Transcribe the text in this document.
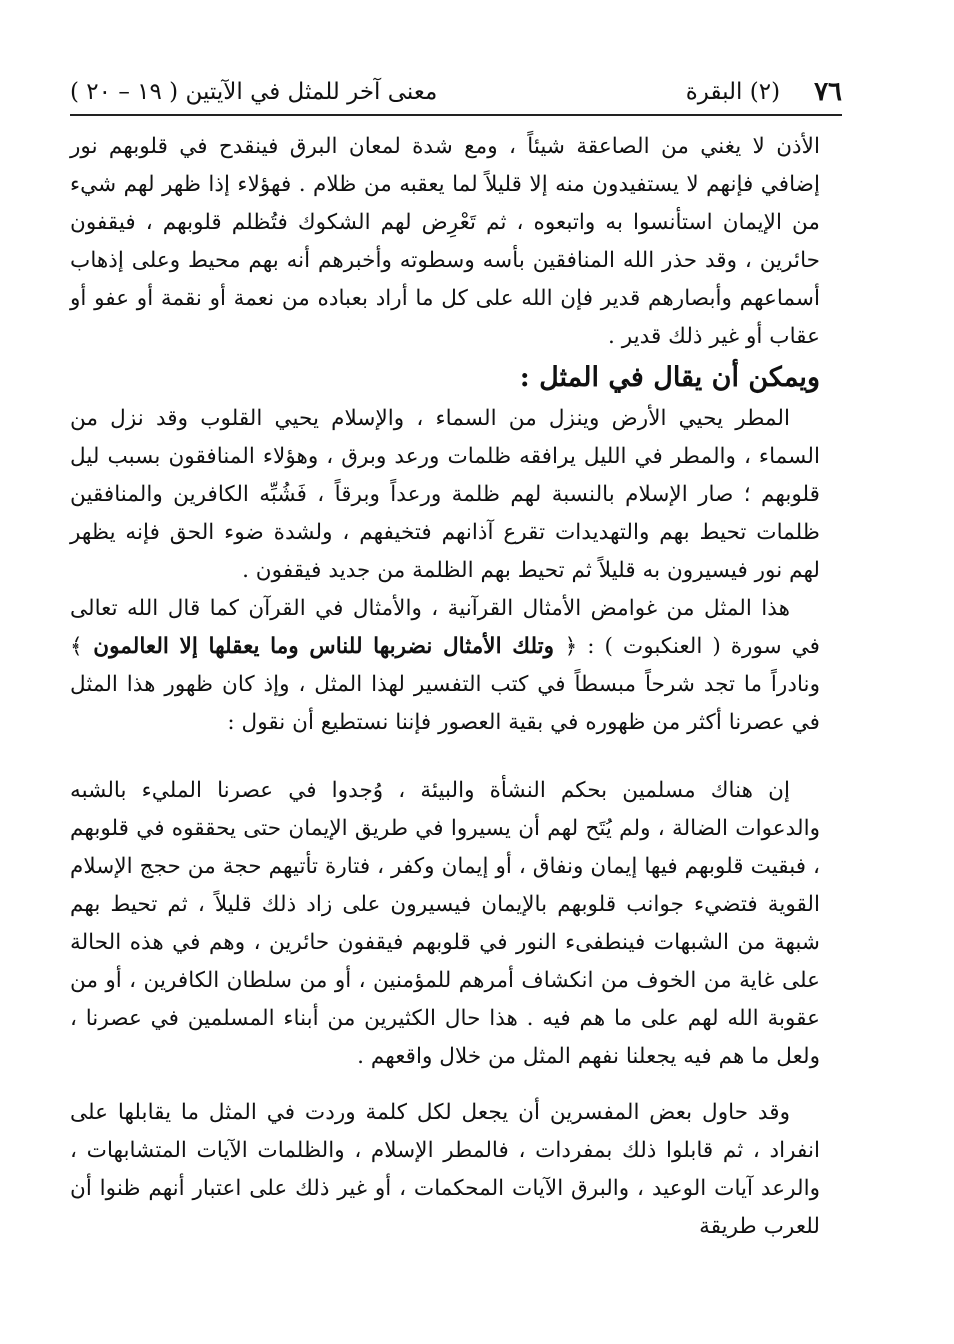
٧٦
(٢) البقرة
معنى آخر للمثل في الآيتين ( ١٩ – ٢٠ )

الأذن لا يغني من الصاعقة شيئاً ، ومع شدة لمعان البرق فينقدح في قلوبهم نور إضافي فإنهم لا يستفيدون منه إلا قليلاً لما يعقبه من ظلام . فهؤلاء إذا ظهر لهم شيء من الإيمان استأنسوا به واتبعوه ، ثم تَعْرِض لهم الشكوك فتُظلم قلوبهم ، فيقفون حائرين ، وقد حذر الله المنافقين بأسه وسطوته وأخبرهم أنه بهم محيط وعلى إذهاب أسماعهم وأبصارهم قدير فإن الله على كل ما أراد بعباده من نعمة أو نقمة أو عفو أو عقاب أو غير ذلك قدير .

ويمكن أن يقال في المثل :

المطر يحيي الأرض وينزل من السماء ، والإسلام يحيي القلوب وقد نزل من السماء ، والمطر في الليل يرافقه ظلمات ورعد وبرق ، وهؤلاء المنافقون بسبب ليل قلوبهم ؛ صار الإسلام بالنسبة لهم ظلمة ورعداً وبرقاً ، فَشُبِّه الكافرين والمنافقين ظلمات تحيط بهم والتهديدات تقرع آذانهم فتخيفهم ، ولشدة ضوء الحق فإنه يظهر لهم نور فيسيرون به قليلاً ثم تحيط بهم الظلمة من جديد فيقفون .

هذا المثل من غوامض الأمثال القرآنية ، والأمثال في القرآن كما قال الله تعالى في سورة ( العنكبوت ) : ﴿ وتلك الأمثال نضربها للناس وما يعقلها إلا العالمون ﴾ ونادراً ما تجد شرحاً مبسطاً في كتب التفسير لهذا المثل ، وإذ كان ظهور هذا المثل في عصرنا أكثر من ظهوره في بقية العصور فإننا نستطيع أن نقول :

إن هناك مسلمين بحكم النشأة والبيئة ، وُجدوا في عصرنا المليء بالشبه والدعوات الضالة ، ولم يُتَح لهم أن يسيروا في طريق الإيمان حتى يحققوه في قلوبهم ، فبقيت قلوبهم فيها إيمان ونفاق ، أو إيمان وكفر ، فتارة تأتيهم حجة من حجج الإسلام القوية فتضيء جوانب قلوبهم بالإيمان فيسيرون على زاد ذلك قليلاً ، ثم تحيط بهم شبهة من الشبهات فينطفىء النور في قلوبهم فيقفون حائرين ، وهم في هذه الحالة على غاية من الخوف من انكشاف أمرهم للمؤمنين ، أو من سلطان الكافرين ، أو من عقوبة الله لهم على ما هم فيه . هذا حال الكثيرين من أبناء المسلمين في عصرنا ، ولعل ما هم فيه يجعلنا نفهم المثل من خلال واقعهم .

وقد حاول بعض المفسرين أن يجعل لكل كلمة وردت في المثل ما يقابلها على انفراد ، ثم قابلوا ذلك بمفردات ، فالمطر الإسلام ، والظلمات الآيات المتشابهات ، والرعد آيات الوعيد ، والبرق الآيات المحكمات ، أو غير ذلك على اعتبار أنهم ظنوا أن للعرب طريقة
